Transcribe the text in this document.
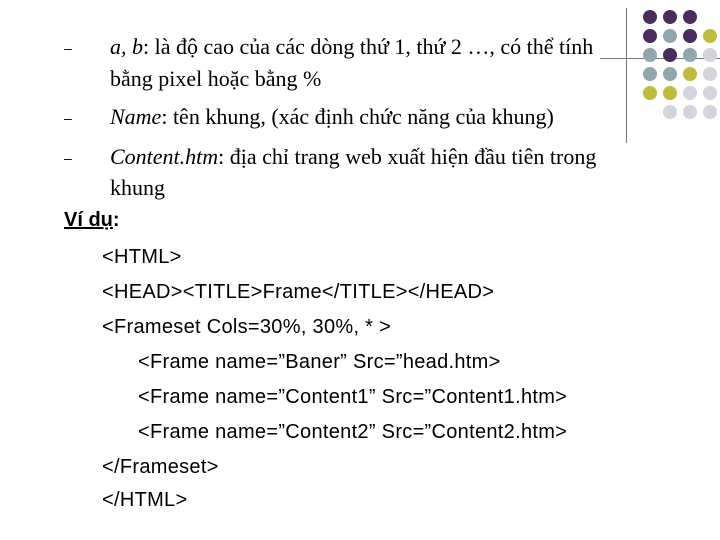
– a, b: là độ cao của các dòng thứ 1, thứ 2 …, có thể tính
bằng pixel hoặc bằng %
– Name: tên khung, (xác định chức năng của khung)
– Content.htm: địa chỉ trang web xuất hiện đầu tiên trong
khung
Ví dụ:
<HTML>
<HEAD><TITLE>Frame</TITLE></HEAD>
<Frameset Cols=30%, 30%, * >
<Frame name=”Baner” Src=”head.htm>
<Frame name=”Content1” Src=”Content1.htm>
<Frame name=”Content2” Src=”Content2.htm>
</Frameset>
</HTML>
